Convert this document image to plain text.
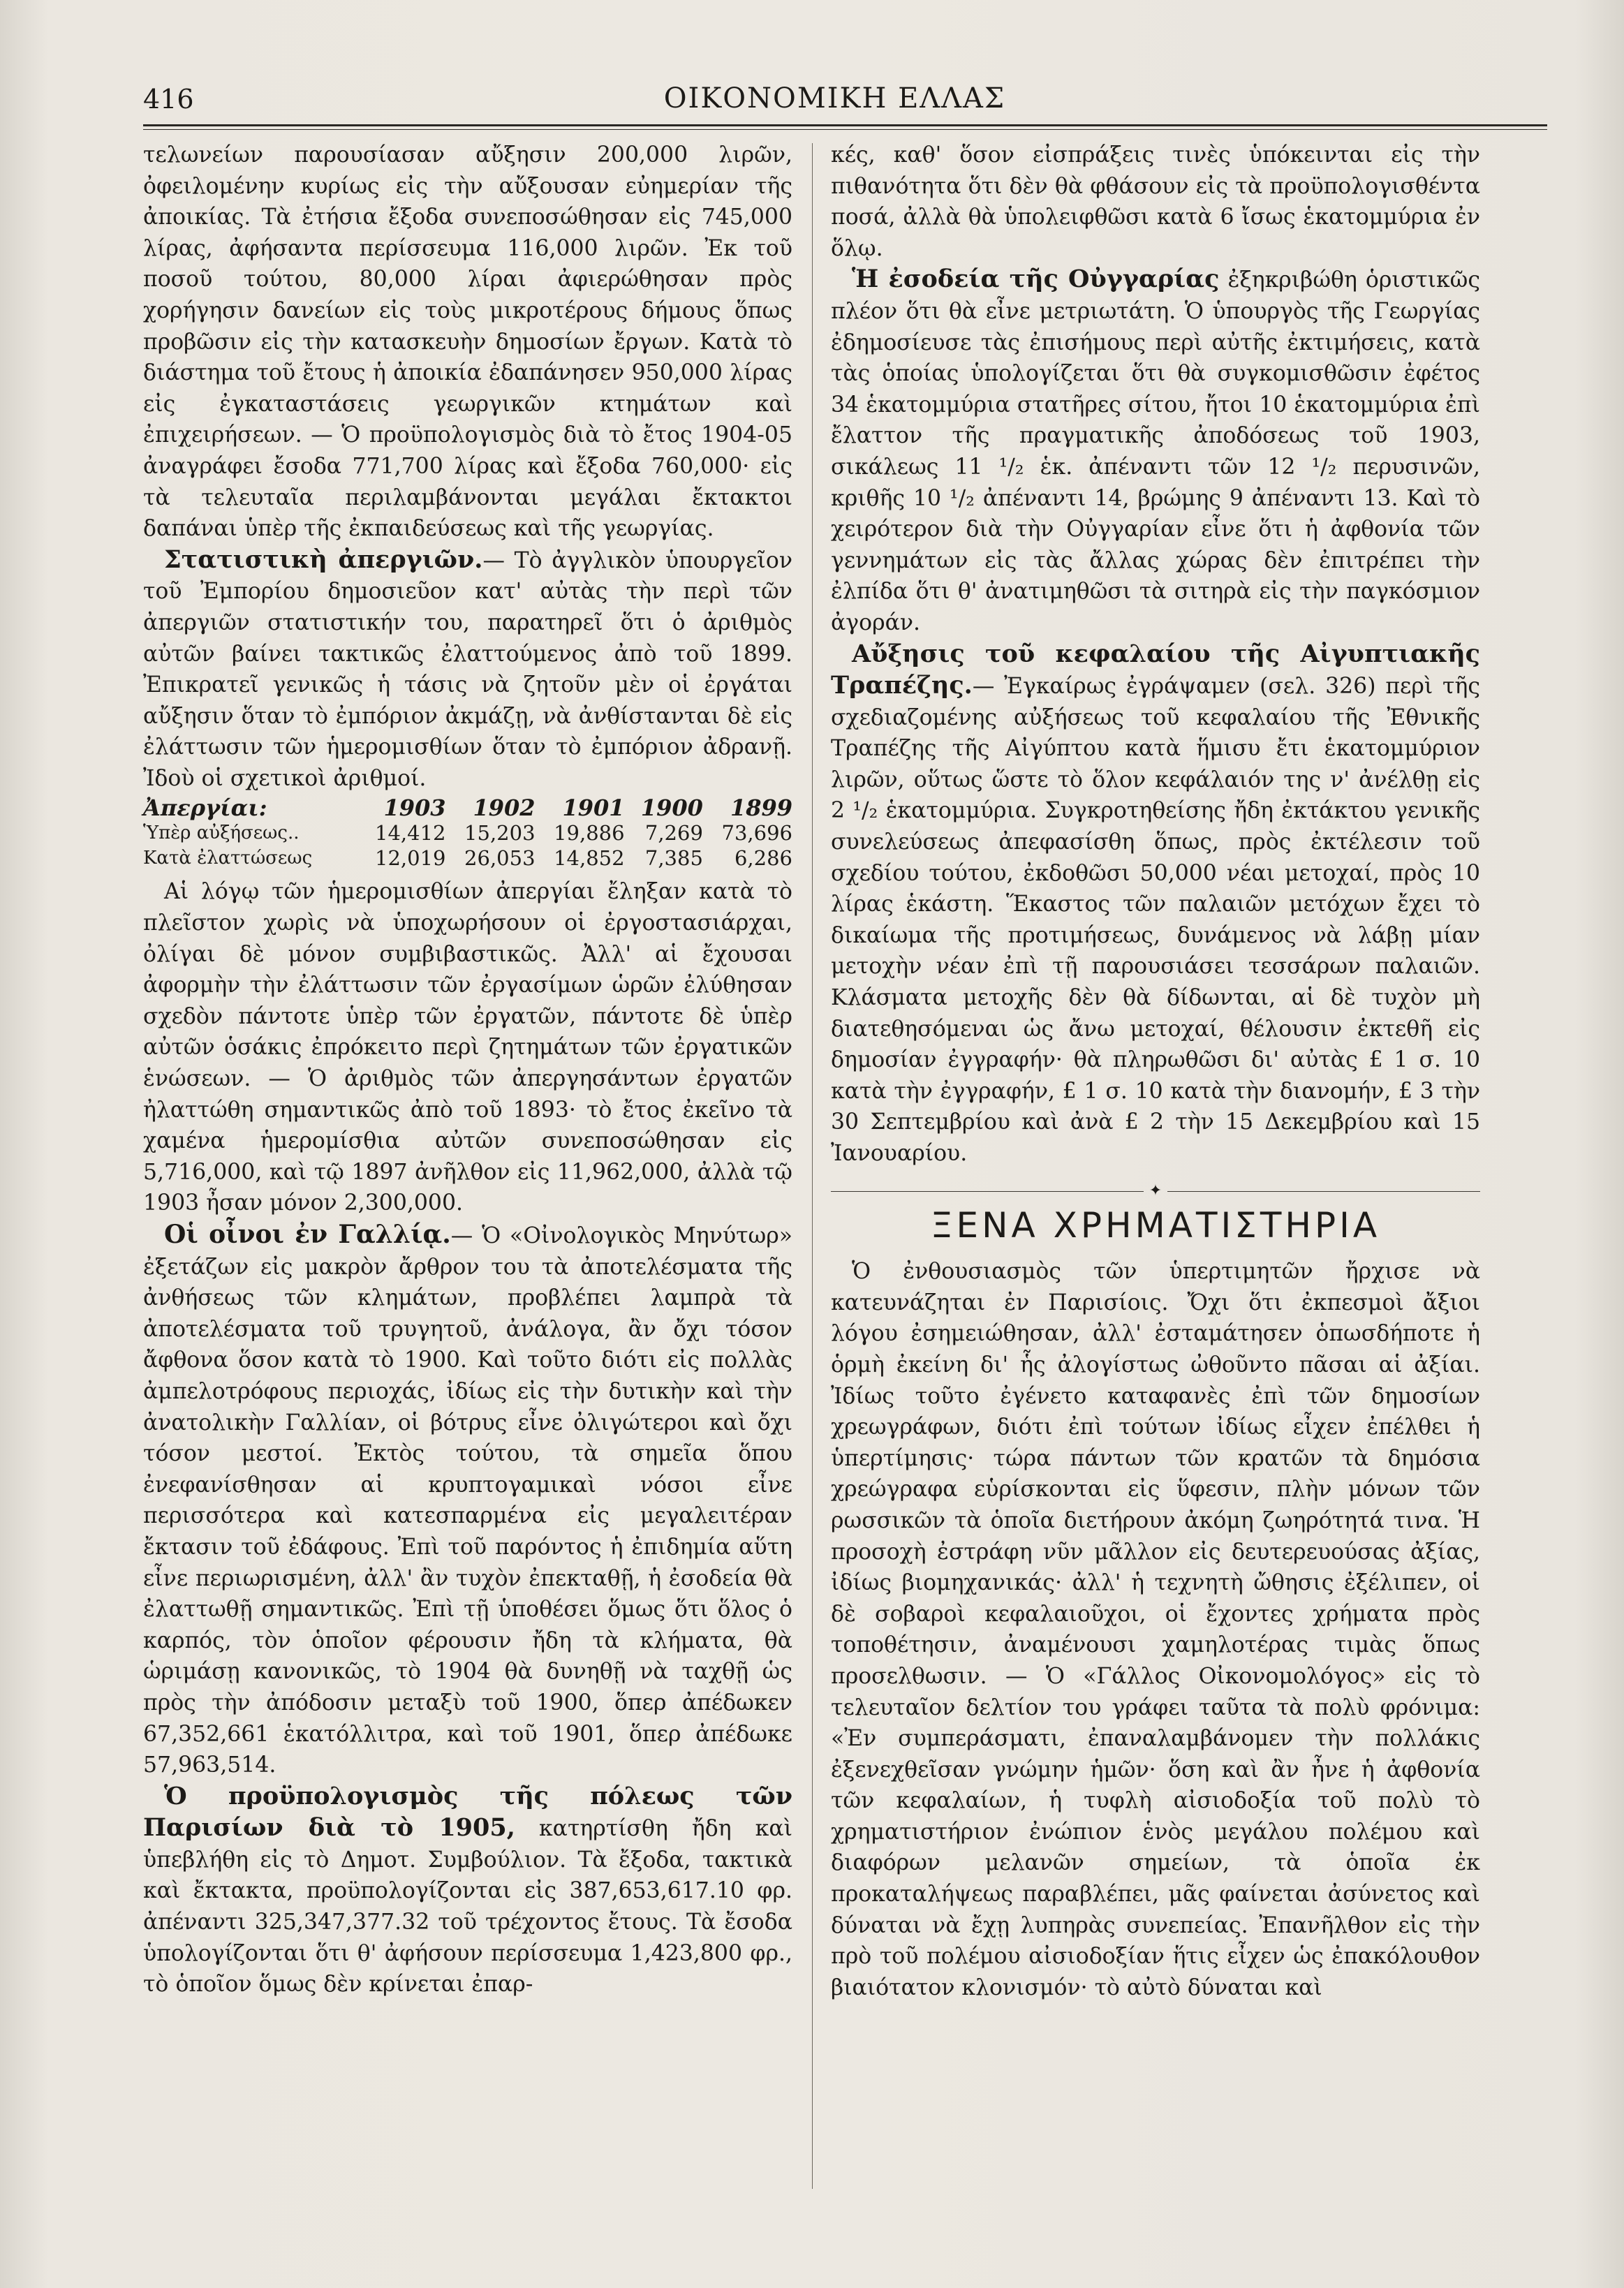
416	ΟΙΚΟΝΟΜΙΚΗ ΕΛΛΑΣ

τελωνείων παρουσίασαν αὔξησιν 200,000 λιρῶν, ὀφειλομένην κυρίως εἰς τὴν αὔξουσαν εὐημερίαν τῆς ἀποικίας. Τὰ ἐτήσια ἔξοδα συνεποσώθησαν εἰς 745,000 λίρας, ἀφήσαντα περίσσευμα 116,000 λιρῶν. Ἐκ τοῦ ποσοῦ τούτου, 80,000 λίραι ἀφιερώθησαν πρὸς χορήγησιν δανείων εἰς τοὺς μικροτέρους δήμους ὅπως προβῶσιν εἰς τὴν κατασκευὴν δημοσίων ἔργων. Κατὰ τὸ διάστημα τοῦ ἔτους ἡ ἀποικία ἐδαπάνησεν 950,000 λίρας εἰς ἐγκαταστάσεις γεωργικῶν κτημάτων καὶ ἐπιχειρήσεων. — Ὁ προϋπολογισμὸς διὰ τὸ ἔτος 1904-05 ἀναγράφει ἔσοδα 771,700 λίρας καὶ ἔξοδα 760,000· εἰς τὰ τελευταῖα περιλαμβάνονται μεγάλαι ἔκτακτοι δαπάναι ὑπὲρ τῆς ἐκπαιδεύσεως καὶ τῆς γεωργίας.

Στατιστικὴ ἀπεργιῶν.— Τὸ ἀγγλικὸν ὑπουργεῖον τοῦ Ἐμπορίου δημοσιεῦον κατ' αὐτὰς τὴν περὶ τῶν ἀπεργιῶν στατιστικήν του, παρατηρεῖ ὅτι ὁ ἀριθμὸς αὐτῶν βαίνει τακτικῶς ἐλαττούμενος ἀπὸ τοῦ 1899. Ἐπικρατεῖ γενικῶς ἡ τάσις νὰ ζητοῦν μὲν οἱ ἐργάται αὔξησιν ὅταν τὸ ἐμπόριον ἀκμάζῃ, νὰ ἀνθίστανται δὲ εἰς ἐλάττωσιν τῶν ἡμερομισθίων ὅταν τὸ ἐμπόριον ἀδρανῇ. Ἰδοὺ οἱ σχετικοὶ ἀριθμοί.

Ἀπεργίαι:	1903	1902	1901	1900	1899
Ὑπὲρ αὐξήσεως..	14,412	15,203	19,886	7,269	73,696
Κατὰ ἐλαττώσεως	12,019	26,053	14,852	7,385	6,286

Αἱ λόγῳ τῶν ἡμερομισθίων ἀπεργίαι ἔληξαν κατὰ τὸ πλεῖστον χωρὶς νὰ ὑποχωρήσουν οἱ ἐργοστασιάρχαι, ὀλίγαι δὲ μόνον συμβιβαστικῶς. Ἀλλ' αἱ ἔχουσαι ἀφορμὴν τὴν ἐλάττωσιν τῶν ἐργασίμων ὡρῶν ἐλύθησαν σχεδὸν πάντοτε ὑπὲρ τῶν ἐργατῶν, πάντοτε δὲ ὑπὲρ αὐτῶν ὁσάκις ἐπρόκειτο περὶ ζητημάτων τῶν ἐργατικῶν ἑνώσεων. — Ὁ ἀριθμὸς τῶν ἀπεργησάντων ἐργατῶν ἠλαττώθη σημαντικῶς ἀπὸ τοῦ 1893· τὸ ἔτος ἐκεῖνο τὰ χαμένα ἡμερομίσθια αὐτῶν συνεποσώθησαν εἰς 5,716,000, καὶ τῷ 1897 ἀνῆλθον εἰς 11,962,000, ἀλλὰ τῷ 1903 ἦσαν μόνον 2,300,000.

Οἱ οἶνοι ἐν Γαλλίᾳ.— Ὁ «Οἰνολογικὸς Μηνύτωρ» ἐξετάζων εἰς μακρὸν ἄρθρον του τὰ ἀποτελέσματα τῆς ἀνθήσεως τῶν κλημάτων, προβλέπει λαμπρὰ τὰ ἀποτελέσματα τοῦ τρυγητοῦ, ἀνάλογα, ἂν ὄχι τόσον ἄφθονα ὅσον κατὰ τὸ 1900. Καὶ τοῦτο διότι εἰς πολλὰς ἀμπελοτρόφους περιοχάς, ἰδίως εἰς τὴν δυτικὴν καὶ τὴν ἀνατολικὴν Γαλλίαν, οἱ βότρυς εἶνε ὀλιγώτεροι καὶ ὄχι τόσον μεστοί. Ἐκτὸς τούτου, τὰ σημεῖα ὅπου ἐνεφανίσθησαν αἱ κρυπτογαμικαὶ νόσοι εἶνε περισσότερα καὶ κατεσπαρμένα εἰς μεγαλειτέραν ἔκτασιν τοῦ ἐδάφους. Ἐπὶ τοῦ παρόντος ἡ ἐπιδημία αὕτη εἶνε περιωρισμένη, ἀλλ' ἂν τυχὸν ἐπεκταθῇ, ἡ ἐσοδεία θὰ ἐλαττωθῇ σημαντικῶς. Ἐπὶ τῇ ὑποθέσει ὅμως ὅτι ὅλος ὁ καρπός, τὸν ὁποῖον φέρουσιν ἤδη τὰ κλήματα, θὰ ὡριμάσῃ κανονικῶς, τὸ 1904 θὰ δυνηθῇ νὰ ταχθῇ ὡς πρὸς τὴν ἀπόδοσιν μεταξὺ τοῦ 1900, ὅπερ ἀπέδωκεν 67,352,661 ἑκατόλλιτρα, καὶ τοῦ 1901, ὅπερ ἀπέδωκε 57,963,514.

Ὁ προϋπολογισμὸς τῆς πόλεως τῶν Παρισίων διὰ τὸ 1905, κατηρτίσθη ἤδη καὶ ὑπεβλήθη εἰς τὸ Δημοτ. Συμβούλιον. Τὰ ἔξοδα, τακτικὰ καὶ ἔκτακτα, προϋπολογίζονται εἰς 387,653,617.10 φρ. ἀπέναντι 325,347,377.32 τοῦ τρέχοντος ἔτους. Τὰ ἔσοδα ὑπολογίζονται ὅτι θ' ἀφήσουν περίσσευμα 1,423,800 φρ., τὸ ὁποῖον ὅμως δὲν κρίνεται ἐπαρ-

κές, καθ' ὅσον εἰσπράξεις τινὲς ὑπόκεινται εἰς τὴν πιθανότητα ὅτι δὲν θὰ φθάσουν εἰς τὰ προϋπολογισθέντα ποσά, ἀλλὰ θὰ ὑπολειφθῶσι κατὰ 6 ἴσως ἑκατομμύρια ἐν ὅλῳ.

Ἡ ἐσοδεία τῆς Οὐγγαρίας ἐξηκριβώθη ὁριστικῶς πλέον ὅτι θὰ εἶνε μετριωτάτη. Ὁ ὑπουργὸς τῆς Γεωργίας ἐδημοσίευσε τὰς ἐπισήμους περὶ αὐτῆς ἐκτιμήσεις, κατὰ τὰς ὁποίας ὑπολογίζεται ὅτι θὰ συγκομισθῶσιν ἐφέτος 34 ἑκατομμύρια στατῆρες σίτου, ἤτοι 10 ἑκατομμύρια ἐπὶ ἔλαττον τῆς πραγματικῆς ἀποδόσεως τοῦ 1903, σικάλεως 11 ¹/₂ ἑκ. ἀπέναντι τῶν 12 ¹/₂ περυσινῶν, κριθῆς 10 ¹/₂ ἀπέναντι 14, βρώμης 9 ἀπέναντι 13. Καὶ τὸ χειρότερον διὰ τὴν Οὐγγαρίαν εἶνε ὅτι ἡ ἀφθονία τῶν γεννημάτων εἰς τὰς ἄλλας χώρας δὲν ἐπιτρέπει τὴν ἐλπίδα ὅτι θ' ἀνατιμηθῶσι τὰ σιτηρὰ εἰς τὴν παγκόσμιον ἀγοράν.

Αὔξησις τοῦ κεφαλαίου τῆς Αἰγυπτιακῆς Τραπέζης.— Ἐγκαίρως ἐγράψαμεν (σελ. 326) περὶ τῆς σχεδιαζομένης αὐξήσεως τοῦ κεφαλαίου τῆς Ἐθνικῆς Τραπέζης τῆς Αἰγύπτου κατὰ ἥμισυ ἔτι ἑκατομμύριον λιρῶν, οὕτως ὥστε τὸ ὅλον κεφάλαιόν της ν' ἀνέλθῃ εἰς 2 ¹/₂ ἑκατομμύρια. Συγκροτηθείσης ἤδη ἐκτάκτου γενικῆς συνελεύσεως ἀπεφασίσθη ὅπως, πρὸς ἐκτέλεσιν τοῦ σχεδίου τούτου, ἐκδοθῶσι 50,000 νέαι μετοχαί, πρὸς 10 λίρας ἑκάστη. Ἕκαστος τῶν παλαιῶν μετόχων ἔχει τὸ δικαίωμα τῆς προτιμήσεως, δυνάμενος νὰ λάβῃ μίαν μετοχὴν νέαν ἐπὶ τῇ παρουσιάσει τεσσάρων παλαιῶν. Κλάσματα μετοχῆς δὲν θὰ δίδωνται, αἱ δὲ τυχὸν μὴ διατεθησόμεναι ὡς ἄνω μετοχαί, θέλουσιν ἐκτεθῆ εἰς δημοσίαν ἐγγραφήν· θὰ πληρωθῶσι δι' αὐτὰς £ 1 σ. 10 κατὰ τὴν ἐγγραφήν, £ 1 σ. 10 κατὰ τὴν διανομήν, £ 3 τὴν 30 Σεπτεμβρίου καὶ ἀνὰ £ 2 τὴν 15 Δεκεμβρίου καὶ 15 Ἰανουαρίου.

✦
ΞΕΝΑ ΧΡΗΜΑΤΙΣΤΗΡΙΑ

Ὁ ἐνθουσιασμὸς τῶν ὑπερτιμητῶν ἤρχισε νὰ κατευνάζηται ἐν Παρισίοις. Ὄχι ὅτι ἐκπεσμοὶ ἄξιοι λόγου ἐσημειώθησαν, ἀλλ' ἐσταμάτησεν ὁπωσδήποτε ἡ ὁρμὴ ἐκείνη δι' ἧς ἀλογίστως ὠθοῦντο πᾶσαι αἱ ἀξίαι. Ἰδίως τοῦτο ἐγένετο καταφανὲς ἐπὶ τῶν δημοσίων χρεωγράφων, διότι ἐπὶ τούτων ἰδίως εἶχεν ἐπέλθει ἡ ὑπερτίμησις· τώρα πάντων τῶν κρατῶν τὰ δημόσια χρεώγραφα εὑρίσκονται εἰς ὕφεσιν, πλὴν μόνων τῶν ρωσσικῶν τὰ ὁποῖα διετήρουν ἀκόμη ζωηρότητά τινα. Ἡ προσοχὴ ἐστράφη νῦν μᾶλλον εἰς δευτερευούσας ἀξίας, ἰδίως βιομηχανικάς· ἀλλ' ἡ τεχνητὴ ὤθησις ἐξέλιπεν, οἱ δὲ σοβαροὶ κεφαλαιοῦχοι, οἱ ἔχοντες χρήματα πρὸς τοποθέτησιν, ἀναμένουσι χαμηλοτέρας τιμὰς ὅπως προσελθωσιν. — Ὁ «Γάλλος Οἰκονομολόγος» εἰς τὸ τελευταῖον δελτίον του γράφει ταῦτα τὰ πολὺ φρόνιμα: «Ἐν συμπεράσματι, ἐπαναλαμβάνομεν τὴν πολλάκις ἐξενεχθεῖσαν γνώμην ἡμῶν· ὅση καὶ ἂν ἦνε ἡ ἀφθονία τῶν κεφαλαίων, ἡ τυφλὴ αἰσιοδοξία τοῦ πολὺ τὸ χρηματιστήριον ἐνώπιον ἑνὸς μεγάλου πολέμου καὶ διαφόρων μελανῶν σημείων, τὰ ὁποῖα ἐκ προκαταλήψεως παραβλέπει, μᾶς φαίνεται ἀσύνετος καὶ δύναται νὰ ἔχῃ λυπηρὰς συνεπείας. Ἐπανῆλθον εἰς τὴν πρὸ τοῦ πολέμου αἰσιοδοξίαν ἥτις εἶχεν ὡς ἐπακόλουθον βιαιότατον κλονισμόν· τὸ αὐτὸ δύναται καὶ
